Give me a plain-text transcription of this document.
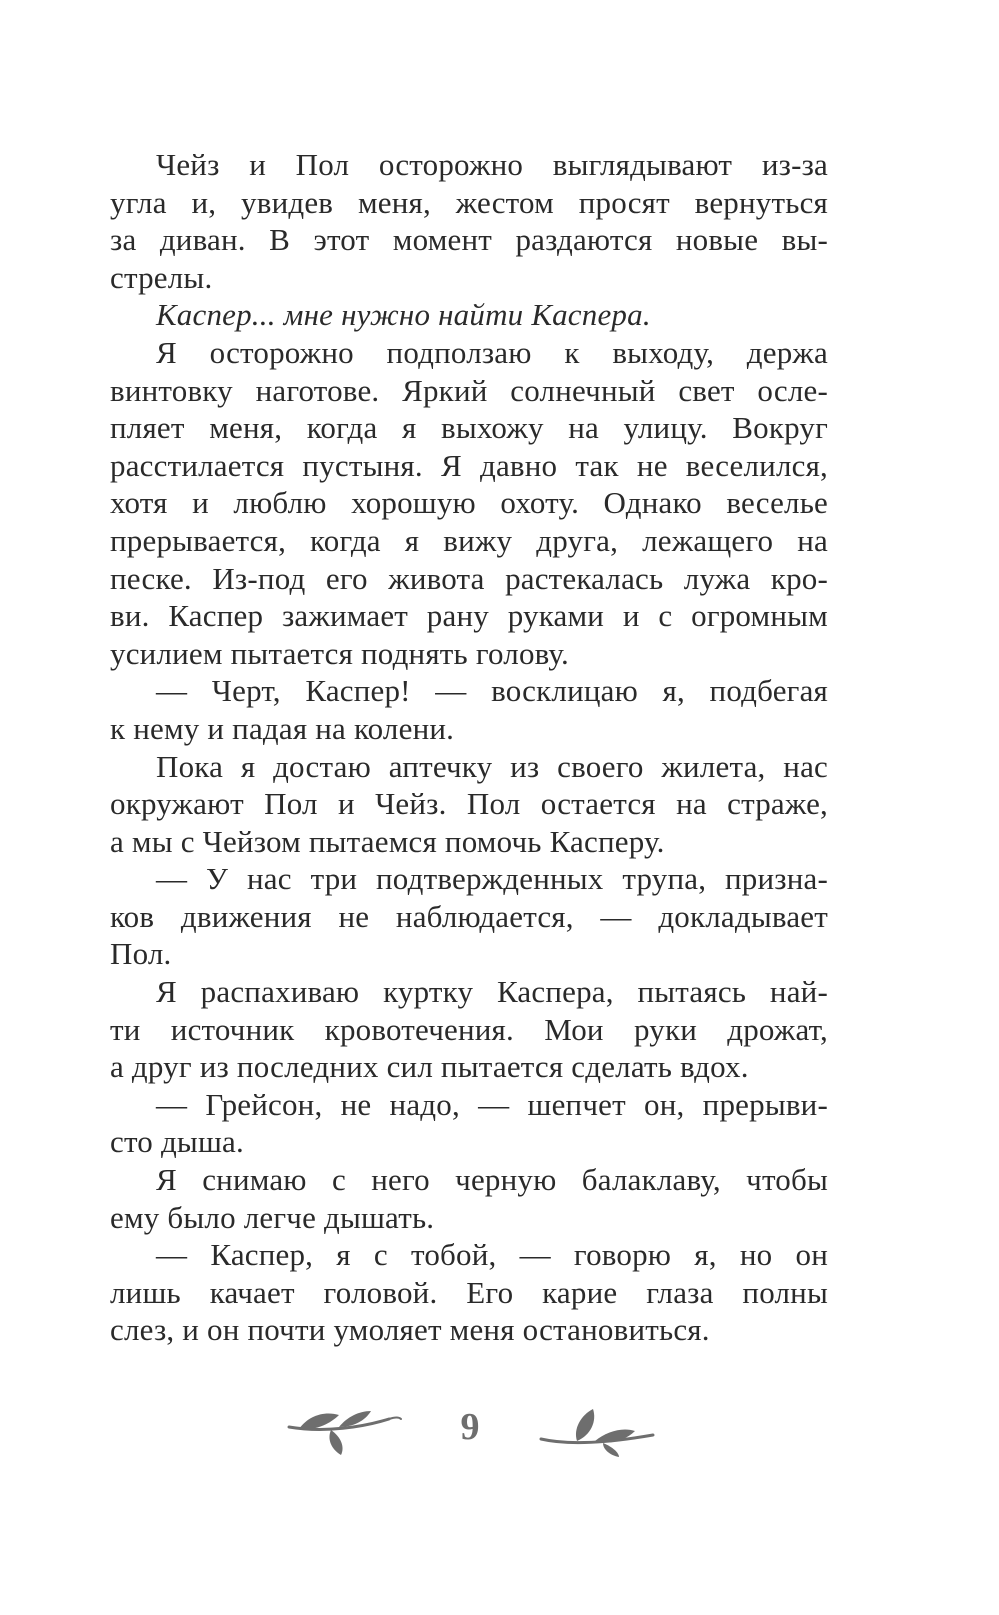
Чейз и Пол осторожно выглядывают из-за
угла и, увидев меня, жестом просят вернуться
за диван. В этот момент раздаются новые вы-
стрелы.

Каспер... мне нужно найти Каспера.

Я осторожно подползаю к выходу, держа
винтовку наготове. Яркий солнечный свет осле-
пляет меня, когда я выхожу на улицу. Вокруг
расстилается пустыня. Я давно так не веселился,
хотя и люблю хорошую охоту. Однако веселье
прерывается, когда я вижу друга, лежащего на
песке. Из-под его живота растекалась лужа кро-
ви. Каспер зажимает рану руками и с огромным
усилием пытается поднять голову.

— Черт, Каспер! — восклицаю я, подбегая
к нему и падая на колени.

Пока я достаю аптечку из своего жилета, нас
окружают Пол и Чейз. Пол остается на страже,
а мы с Чейзом пытаемся помочь Касперу.

— У нас три подтвержденных трупа, призна-
ков движения не наблюдается, — докладывает
Пол.

Я распахиваю куртку Каспера, пытаясь най-
ти источник кровотечения. Мои руки дрожат,
а друг из последних сил пытается сделать вдох.

— Грейсон, не надо, — шепчет он, прерыви-
сто дыша.

Я снимаю с него черную балаклаву, чтобы
ему было легче дышать.

— Каспер, я с тобой, — говорю я, но он
лишь качает головой. Его карие глаза полны
слез, и он почти умоляет меня остановиться.

9
